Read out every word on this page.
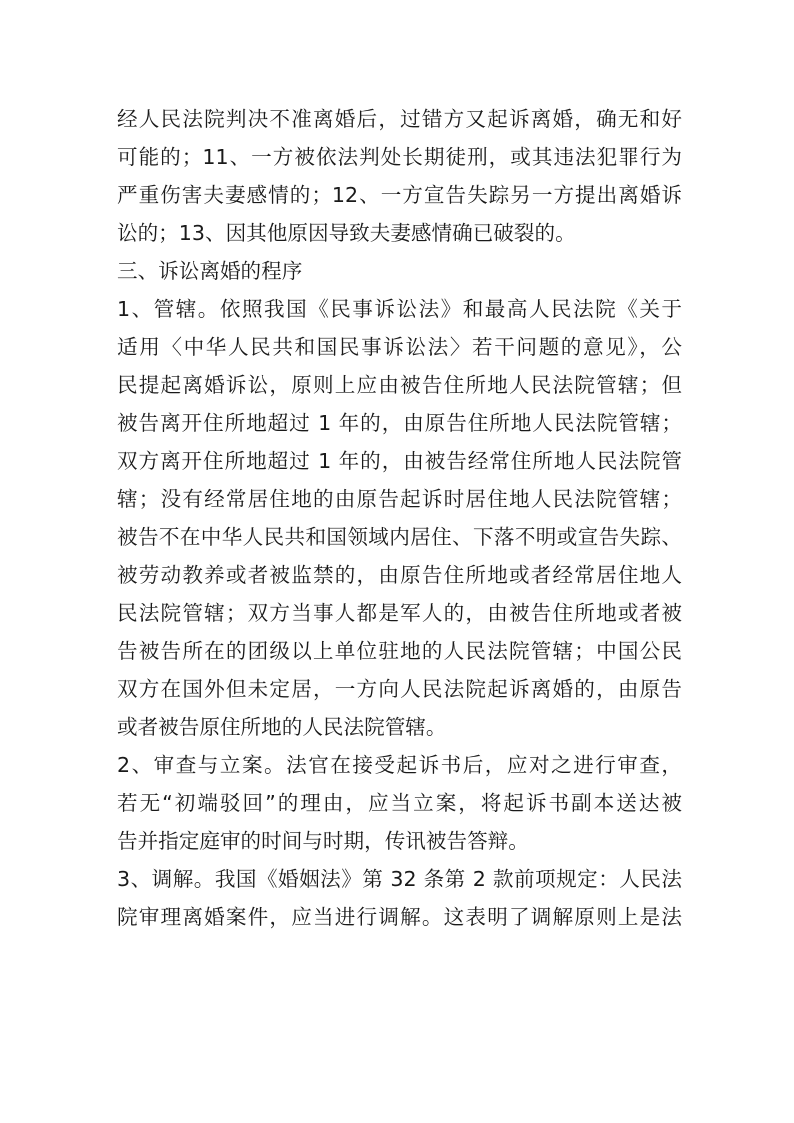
经人民法院判决不准离婚后，过错方又起诉离婚，确无和好
可能的；11、一方被依法判处长期徒刑，或其违法犯罪行为
严重伤害夫妻感情的；12、一方宣告失踪另一方提出离婚诉
讼的；13、因其他原因导致夫妻感情确已破裂的。
三、诉讼离婚的程序
1、管辖。依照我国《民事诉讼法》和最高人民法院《关于
适用〈中华人民共和国民事诉讼法〉若干问题的意见》，公
民提起离婚诉讼，原则上应由被告住所地人民法院管辖；但
被告离开住所地超过 1 年的，由原告住所地人民法院管辖；
双方离开住所地超过 1 年的，由被告经常住所地人民法院管
辖；没有经常居住地的由原告起诉时居住地人民法院管辖；
被告不在中华人民共和国领域内居住、下落不明或宣告失踪、
被劳动教养或者被监禁的，由原告住所地或者经常居住地人
民法院管辖；双方当事人都是军人的，由被告住所地或者被
告被告所在的团级以上单位驻地的人民法院管辖；中国公民
双方在国外但未定居，一方向人民法院起诉离婚的，由原告
或者被告原住所地的人民法院管辖。
2、审查与立案。法官在接受起诉书后，应对之进行审查，
若无“初端驳回”的理由，应当立案，将起诉书副本送达被
告并指定庭审的时间与时期，传讯被告答辩。
3、调解。我国《婚姻法》第 32 条第 2 款前项规定：人民法
院审理离婚案件，应当进行调解。这表明了调解原则上是法
